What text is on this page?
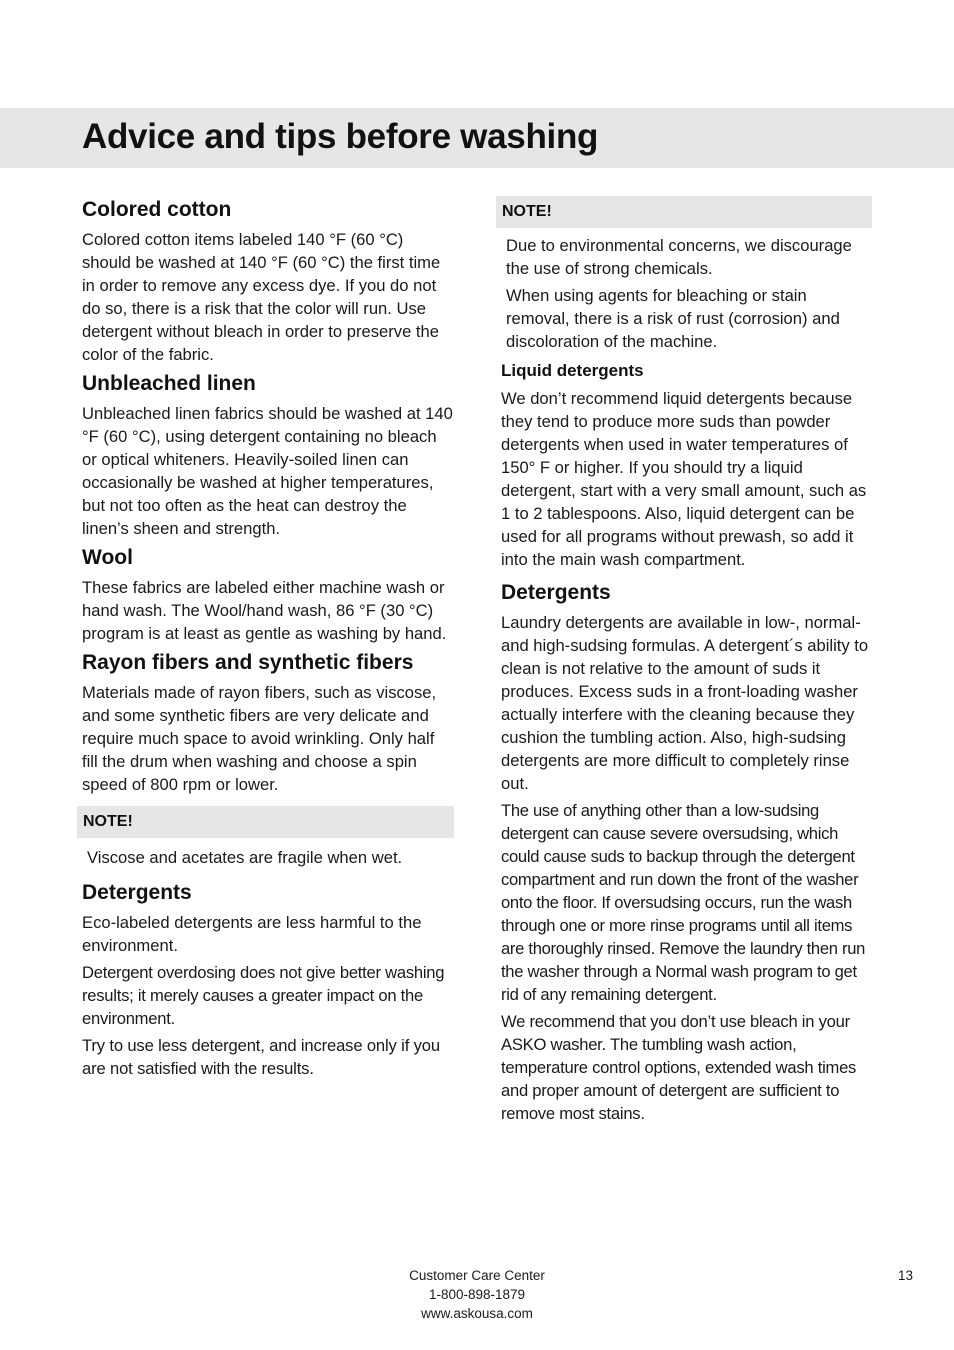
Advice and tips before washing
Colored cotton

Colored cotton items labeled 140 °F (60 °C) should be washed at 140 °F (60 °C) the first time in order to remove any excess dye. If you do not do so, there is a risk that the color will run. Use detergent without bleach in order to preserve the color of the fabric.

Unbleached linen

Unbleached linen fabrics should be washed at 140 °F (60 °C), using detergent containing no bleach or optical whiteners. Heavily-soiled linen can occasionally be washed at higher temperatures, but not too often as the heat can destroy the linen’s sheen and strength.

Wool

These fabrics are labeled either machine wash or hand wash. The Wool/hand wash, 86 °F (30 °C) program is at least as gentle as washing by hand.

Rayon fibers and synthetic fibers

Materials made of rayon fibers, such as viscose, and some synthetic fibers are very delicate and require much space to avoid wrinkling. Only half fill the drum when washing and choose a spin speed of 800 rpm or lower.

NOTE!

Viscose and acetates are fragile when wet.

Detergents

Eco-labeled detergents are less harmful to the environment.

Detergent overdosing does not give better washing results; it merely causes a greater impact on the environment.

Try to use less detergent, and increase only if you are not satisfied with the results.

NOTE!

Due to environmental concerns, we discourage the use of strong chemicals.

When using agents for bleaching or stain removal, there is a risk of rust (corrosion) and discoloration of the machine.

Liquid detergents

We don’t recommend liquid detergents because they tend to produce more suds than powder detergents when used in water temperatures of 150° F or higher. If you should try a liquid detergent, start with a very small amount, such as 1 to 2 tablespoons. Also, liquid detergent can be used for all programs without prewash, so add it into the main wash compartment.

Detergents

Laundry detergents are available in low-, normal- and high-sudsing formulas. A detergent´s ability to clean is not relative to the amount of suds it produces. Excess suds in a front-loading washer actually interfere with the cleaning because they cushion the tumbling action. Also, high-sudsing detergents are more difficult to completely rinse out.

The use of anything other than a low-sudsing detergent can cause severe oversudsing, which could cause suds to backup through the detergent compartment and run down the front of the washer onto the floor. If oversudsing occurs, run the wash through one or more rinse programs until all items are thoroughly rinsed. Remove the laundry then run the washer through a Normal wash program to get rid of any remaining detergent.

We recommend that you don’t use bleach in your ASKO washer. The tumbling wash action, temperature control options, extended wash times and proper amount of detergent are sufficient to remove most stains.

Customer Care Center
1-800-898-1879
www.askousa.com
13
